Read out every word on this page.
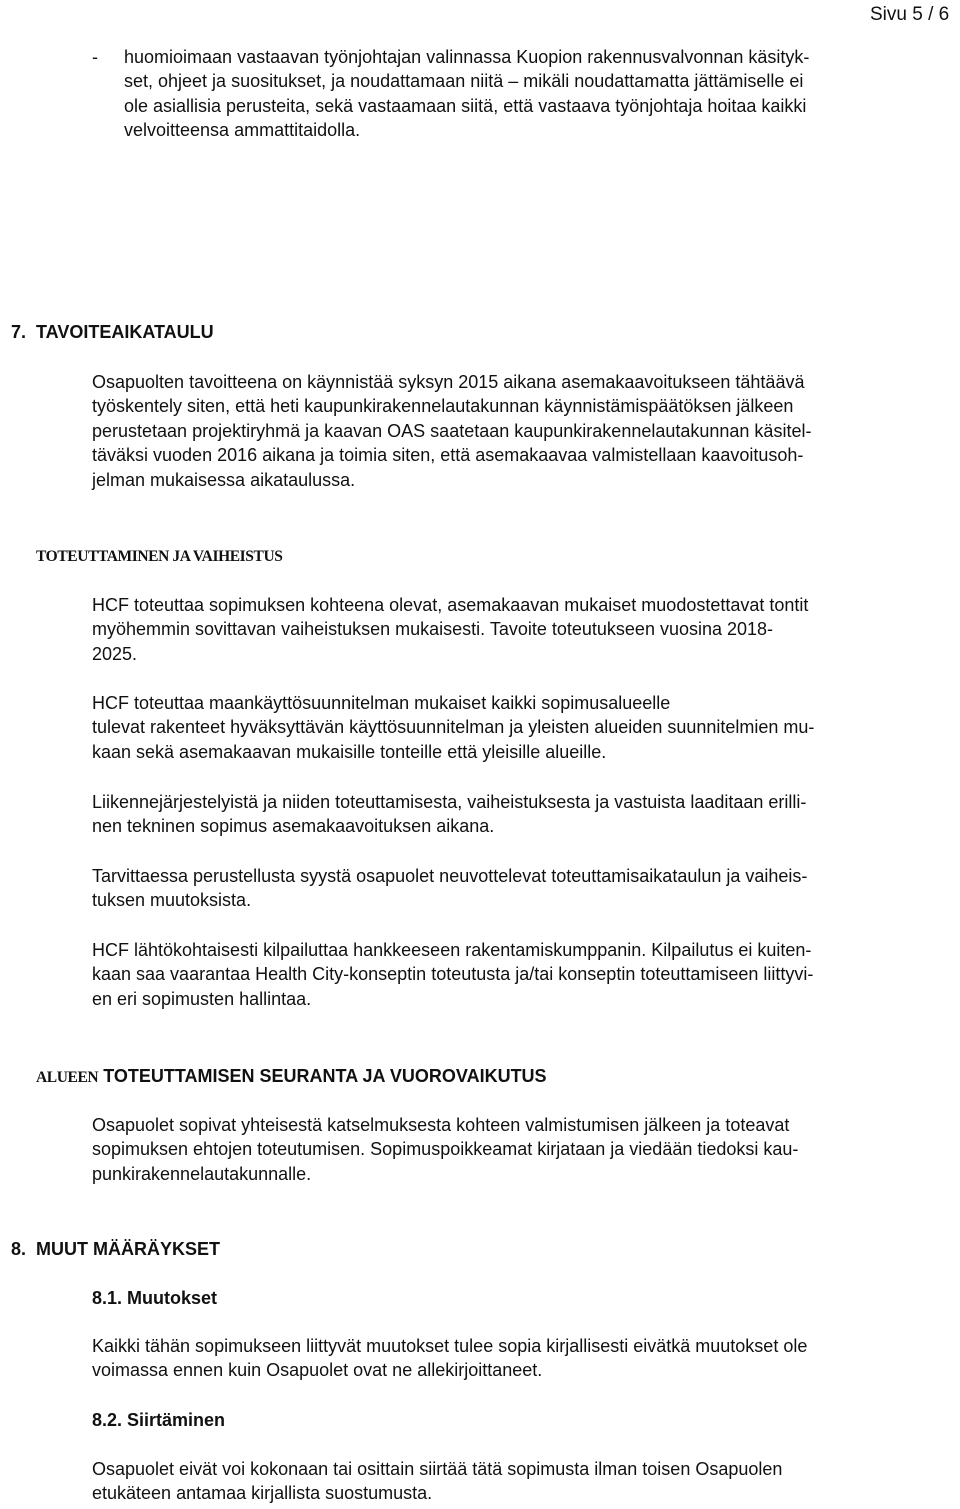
Sivu 5 / 6
- huomioimaan vastaavan työnjohtajan valinnassa Kuopion rakennusvalvonnan käsityk-
set, ohjeet ja suositukset, ja noudattamaan niitä – mikäli noudattamatta jättämiselle ei
ole asiallisia perusteita, sekä vastaamaan siitä, että vastaava työnjohtaja hoitaa kaikki
velvoitteensa ammattitaidolla.
7. TAVOITEAIKATAULU
Osapuolten tavoitteena on käynnistää syksyn 2015 aikana asemakaavoitukseen tähtäävä
työskentely siten, että heti kaupunkirakennelautakunnan käynnistämispäätöksen jälkeen
perustetaan projektiryhmä ja kaavan OAS saatetaan kaupunkirakennelautakunnan käsitel-
täväksi vuoden 2016 aikana ja toimia siten, että asemakaavaa valmistellaan kaavoitusoh-
jelman mukaisessa aikataulussa.
TOTEUTTAMINEN JA VAIHEISTUS
HCF toteuttaa sopimuksen kohteena olevat, asemakaavan mukaiset muodostettavat tontit
myöhemmin sovittavan vaiheistuksen mukaisesti. Tavoite toteutukseen vuosina 2018-
2025.
HCF toteuttaa maankäyttösuunnitelman mukaiset kaikki sopimusalueelle
tulevat rakenteet hyväksyttävän käyttösuunnitelman ja yleisten alueiden suunnitelmien mu-
kaan sekä asemakaavan mukaisille tonteille että yleisille alueille.
Liikennejärjestelyistä ja niiden toteuttamisesta, vaiheistuksesta ja vastuista laaditaan erilli-
nen tekninen sopimus asemakaavoituksen aikana.
Tarvittaessa perustellusta syystä osapuolet neuvottelevat toteuttamisaikataulun ja vaiheis-
tuksen muutoksista.
HCF lähtökohtaisesti kilpailuttaa hankkeeseen rakentamiskumppanin. Kilpailutus ei kuiten-
kaan saa vaarantaa Health City-konseptin toteutusta ja/tai konseptin toteuttamiseen liittyvi-
en eri sopimusten hallintaa.
ALUEEN TOTEUTTAMISEN SEURANTA JA VUOROVAIKUTUS
Osapuolet sopivat yhteisestä katselmuksesta kohteen valmistumisen jälkeen ja toteavat
sopimuksen ehtojen toteutumisen. Sopimuspoikkeamat kirjataan ja viedään tiedoksi kau-
punkirakennelautakunnalle.
8. MUUT MÄÄRÄYKSET
8.1. Muutokset
Kaikki tähän sopimukseen liittyvät muutokset tulee sopia kirjallisesti eivätkä muutokset ole
voimassa ennen kuin Osapuolet ovat ne allekirjoittaneet.
8.2. Siirtäminen
Osapuolet eivät voi kokonaan tai osittain siirtää tätä sopimusta ilman toisen Osapuolen
etukäteen antamaa kirjallista suostumusta.
